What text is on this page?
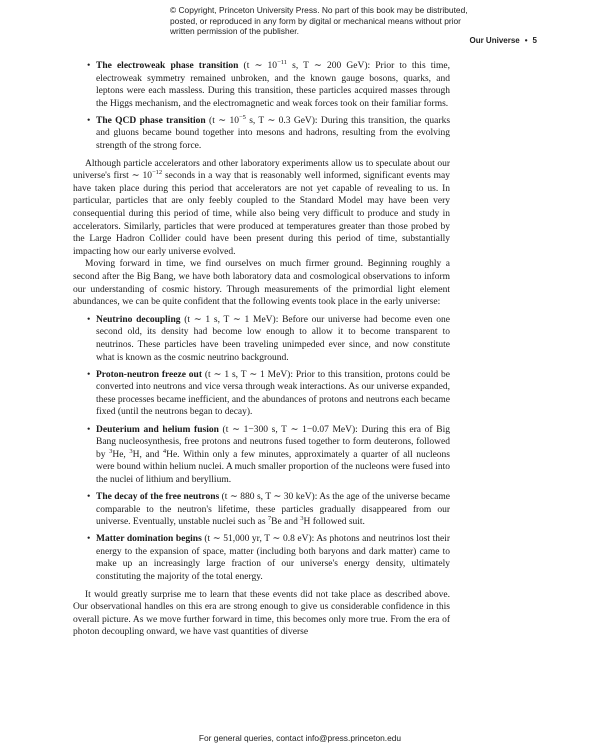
© Copyright, Princeton University Press. No part of this book may be distributed, posted, or reproduced in any form by digital or mechanical means without prior written permission of the publisher.
Our Universe • 5
• The electroweak phase transition (t ∼ $10^{-11}$ s, T ∼ 200 GeV): Prior to this time, electroweak symmetry remained unbroken, and the known gauge bosons, quarks, and leptons were each massless. During this transition, these particles acquired masses through the Higgs mechanism, and the electromagnetic and weak forces took on their familiar forms.
• The QCD phase transition (t ∼ $10^{-5}$ s, T ∼ 0.3 GeV): During this transition, the quarks and gluons became bound together into mesons and hadrons, resulting from the evolving strength of the strong force.

Although particle accelerators and other laboratory experiments allow us to speculate about our universe's first ∼ $10^{-12}$ seconds in a way that is reasonably well informed, significant events may have taken place during this period that accelerators are not yet capable of revealing to us. In particular, particles that are only feebly coupled to the Standard Model may have been very consequential during this period of time, while also being very difficult to produce and study in accelerators. Similarly, particles that were produced at temperatures greater than those probed by the Large Hadron Collider could have been present during this period of time, substantially impacting how our early universe evolved.

Moving forward in time, we find ourselves on much firmer ground. Beginning roughly a second after the Big Bang, we have both laboratory data and cosmological observations to inform our understanding of cosmic history. Through measurements of the primordial light element abundances, we can be quite confident that the following events took place in the early universe:

• Neutrino decoupling (t ∼ 1 s, T ∼ 1 MeV): Before our universe had become even one second old, its density had become low enough to allow it to become transparent to neutrinos. These particles have been traveling unimpeded ever since, and now constitute what is known as the cosmic neutrino background.
• Proton-neutron freeze out (t ∼ 1 s, T ∼ 1 MeV): Prior to this transition, protons could be converted into neutrons and vice versa through weak interactions. As our universe expanded, these processes became inefficient, and the abundances of protons and neutrons each became fixed (until the neutrons began to decay).
• Deuterium and helium fusion (t ∼ 1−300 s, T ∼ 1−0.07 MeV): During this era of Big Bang nucleosynthesis, free protons and neutrons fused together to form deuterons, followed by $^3$He, $^3$H, and $^4$He. Within only a few minutes, approximately a quarter of all nucleons were bound within helium nuclei. A much smaller proportion of the nucleons were fused into the nuclei of lithium and beryllium.
• The decay of the free neutrons (t ∼ 880 s, T ∼ 30 keV): As the age of the universe became comparable to the neutron's lifetime, these particles gradually disappeared from our universe. Eventually, unstable nuclei such as $^7$Be and $^3$H followed suit.
• Matter domination begins (t ∼ 51,000 yr, T ∼ 0.8 eV): As photons and neutrinos lost their energy to the expansion of space, matter (including both baryons and dark matter) came to make up an increasingly large fraction of our universe's energy density, ultimately constituting the majority of the total energy.

It would greatly surprise me to learn that these events did not take place as described above. Our observational handles on this era are strong enough to give us considerable confidence in this overall picture. As we move further forward in time, this becomes only more true. From the era of photon decoupling onward, we have vast quantities of diverse

For general queries, contact info@press.princeton.edu
